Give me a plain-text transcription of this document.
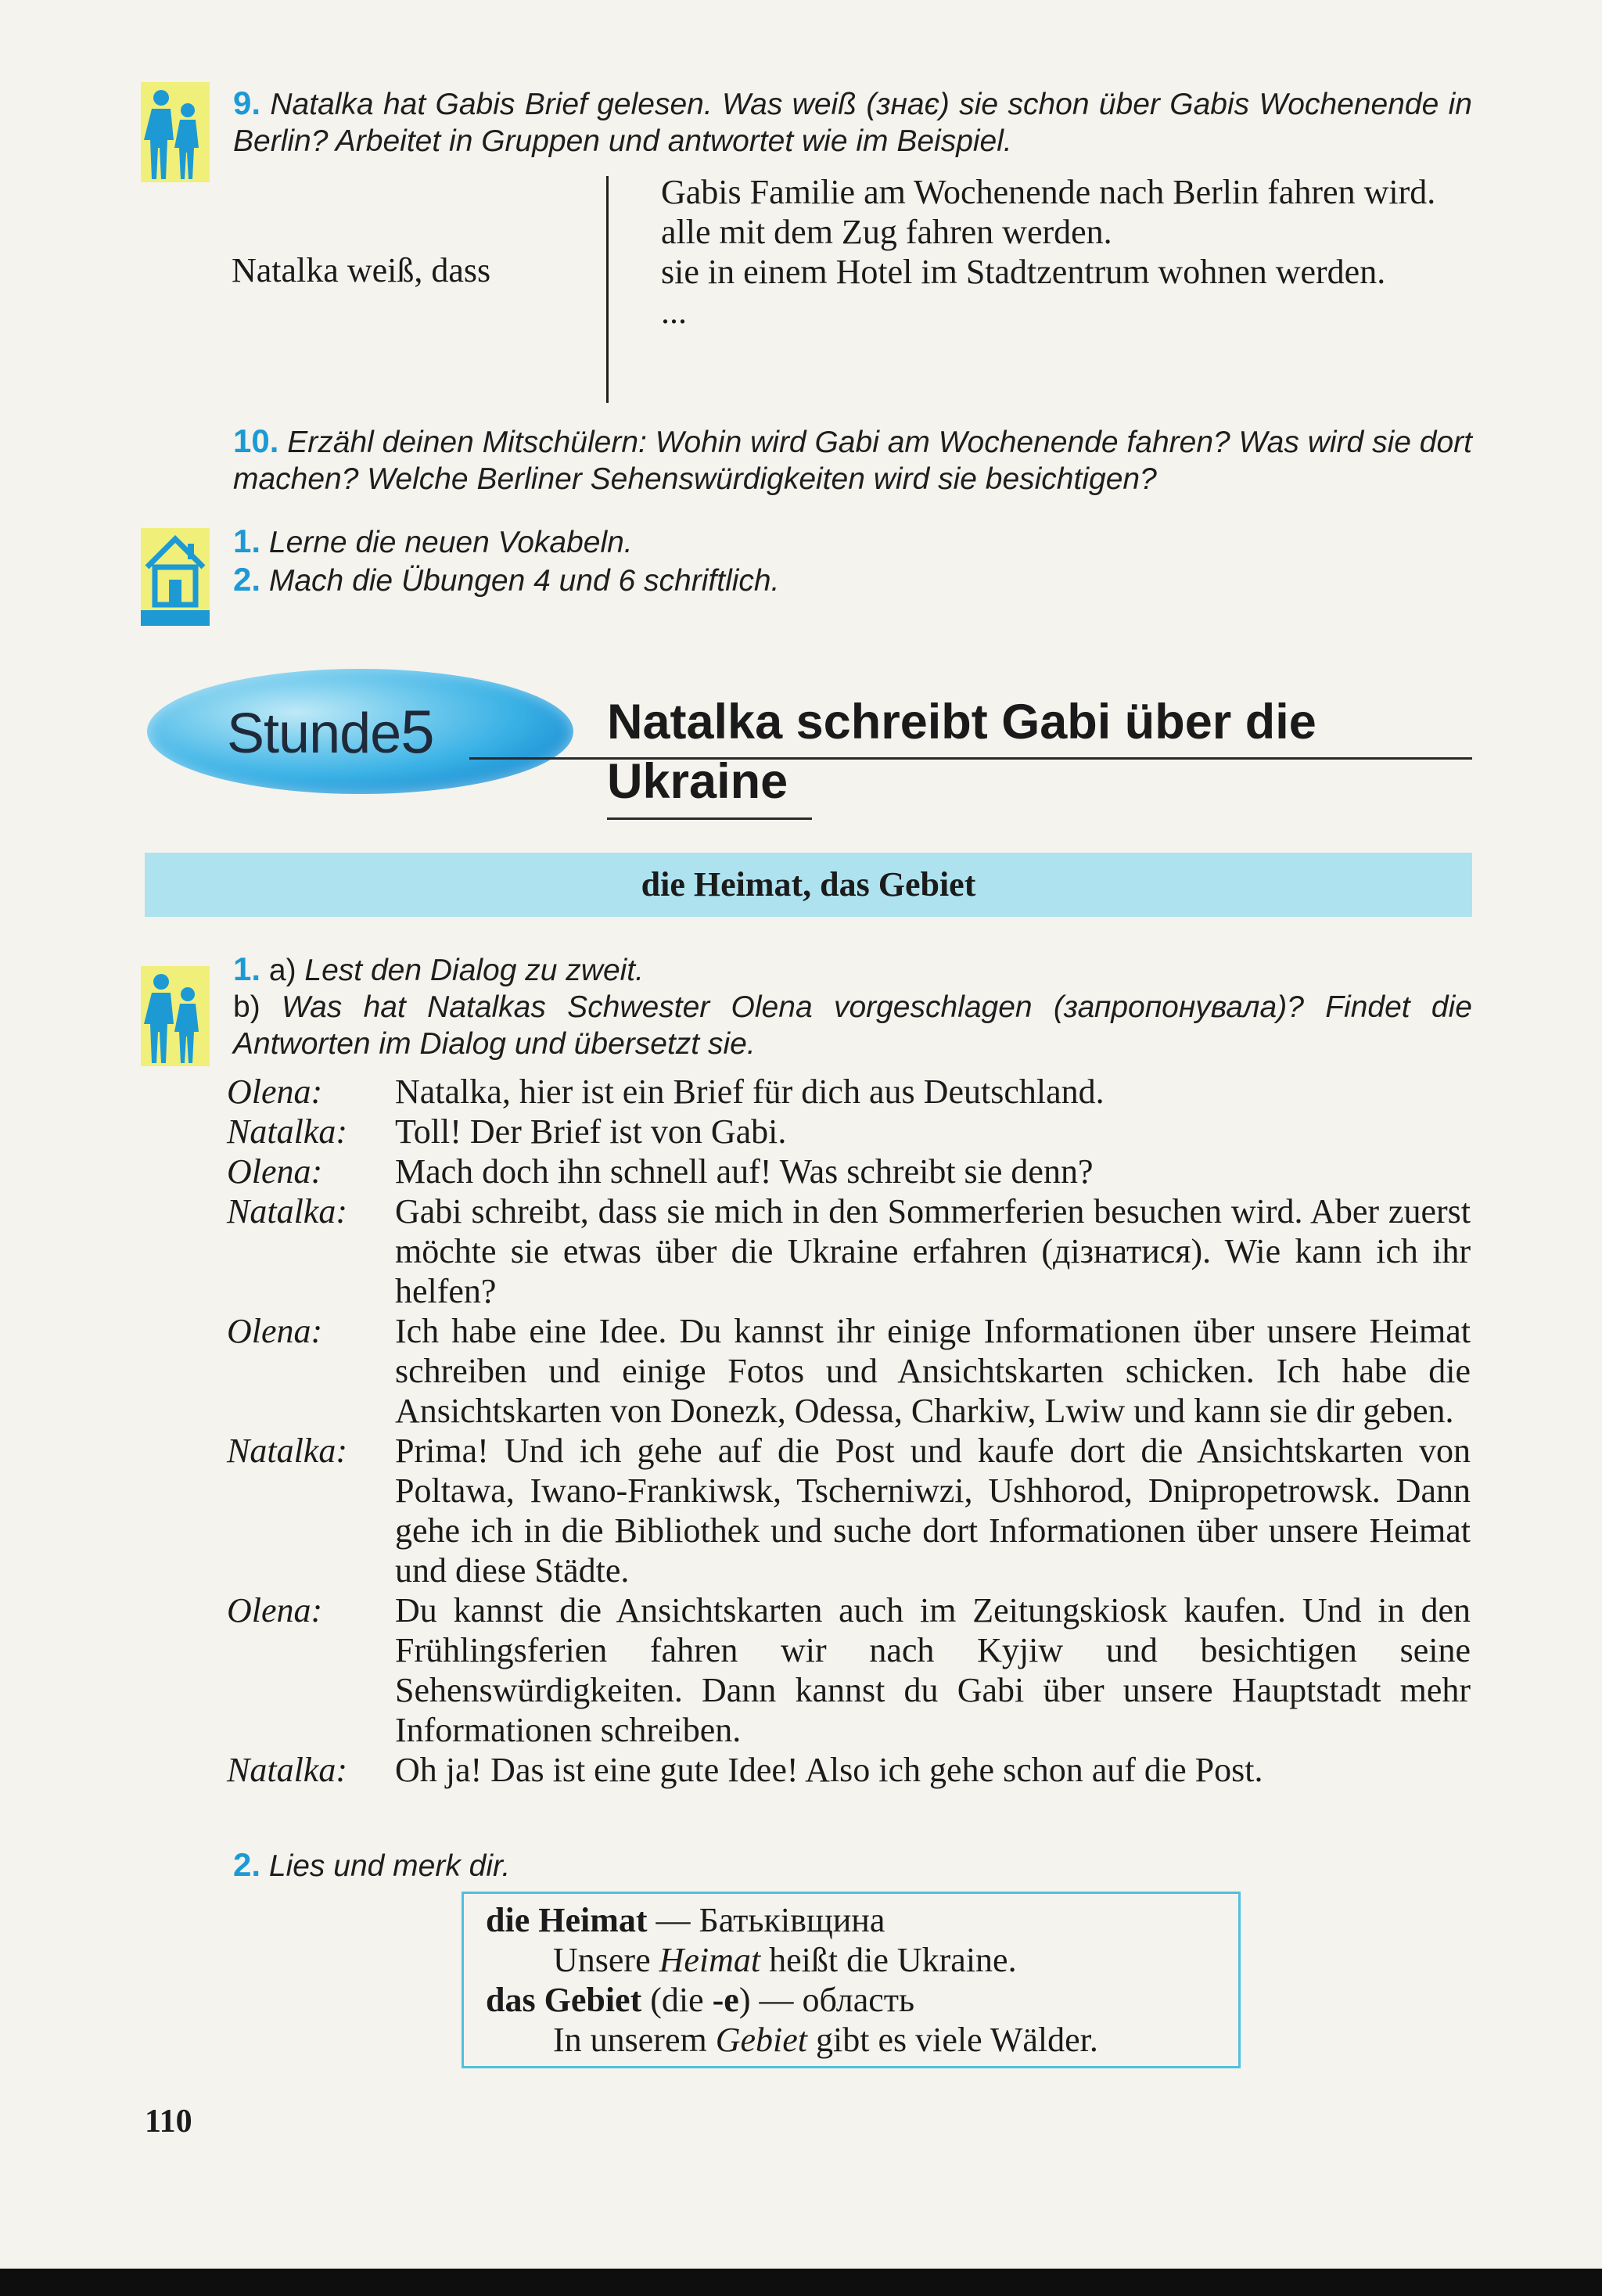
9. Natalka hat Gabis Brief gelesen. Was weiß (знає) sie schon über Gabis Wochenende in Berlin? Arbeitet in Gruppen und antwortet wie im Beispiel.
Natalka weiß, dass
Gabis Familie am Wochenende nach Berlin fahren wird.
alle mit dem Zug fahren werden.
sie in einem Hotel im Stadtzentrum wohnen werden.
...
10. Erzähl deinen Mitschülern: Wohin wird Gabi am Wochenende fahren? Was wird sie dort machen? Welche Berliner Sehenswürdigkeiten wird sie besichtigen?
1. Lerne die neuen Vokabeln.
2. Mach die Übungen 4 und 6 schriftlich.
Stunde5	Natalka schreibt Gabi über die Ukraine
die Heimat, das Gebiet
1. a) Lest den Dialog zu zweit.
b) Was hat Natalkas Schwester Olena vorgeschlagen (запропонувала)? Findet die Antworten im Dialog und übersetzt sie.
Olena:	Natalka, hier ist ein Brief für dich aus Deutschland.
Natalka:	Toll! Der Brief ist von Gabi.
Olena:	Mach doch ihn schnell auf! Was schreibt sie denn?
Natalka:	Gabi schreibt, dass sie mich in den Sommerferien besuchen wird. Aber zuerst möchte sie etwas über die Ukraine erfahren (дізнатися). Wie kann ich ihr helfen?
Olena:	Ich habe eine Idee. Du kannst ihr einige Informationen über unsere Heimat schreiben und einige Fotos und Ansichtskarten schicken. Ich habe die Ansichtskarten von Donezk, Odessa, Charkiw, Lwiw und kann sie dir geben.
Natalka:	Prima! Und ich gehe auf die Post und kaufe dort die Ansichtskarten von Poltawa, Iwano-Frankiwsk, Tscherniwzi, Ushhorod, Dnipropetrowsk. Dann gehe ich in die Bibliothek und suche dort Informationen über unsere Heimat und diese Städte.
Olena:	Du kannst die Ansichtskarten auch im Zeitungskiosk kaufen. Und in den Frühlingsferien fahren wir nach Kyjiw und besichtigen seine Sehenswürdigkeiten. Dann kannst du Gabi über unsere Hauptstadt mehr Informationen schreiben.
Natalka:	Oh ja! Das ist eine gute Idee! Also ich gehe schon auf die Post.
2. Lies und merk dir.
die Heimat — Батьківщина
Unsere Heimat heißt die Ukraine.
das Gebiet (die -e) — область
In unserem Gebiet gibt es viele Wälder.
110
